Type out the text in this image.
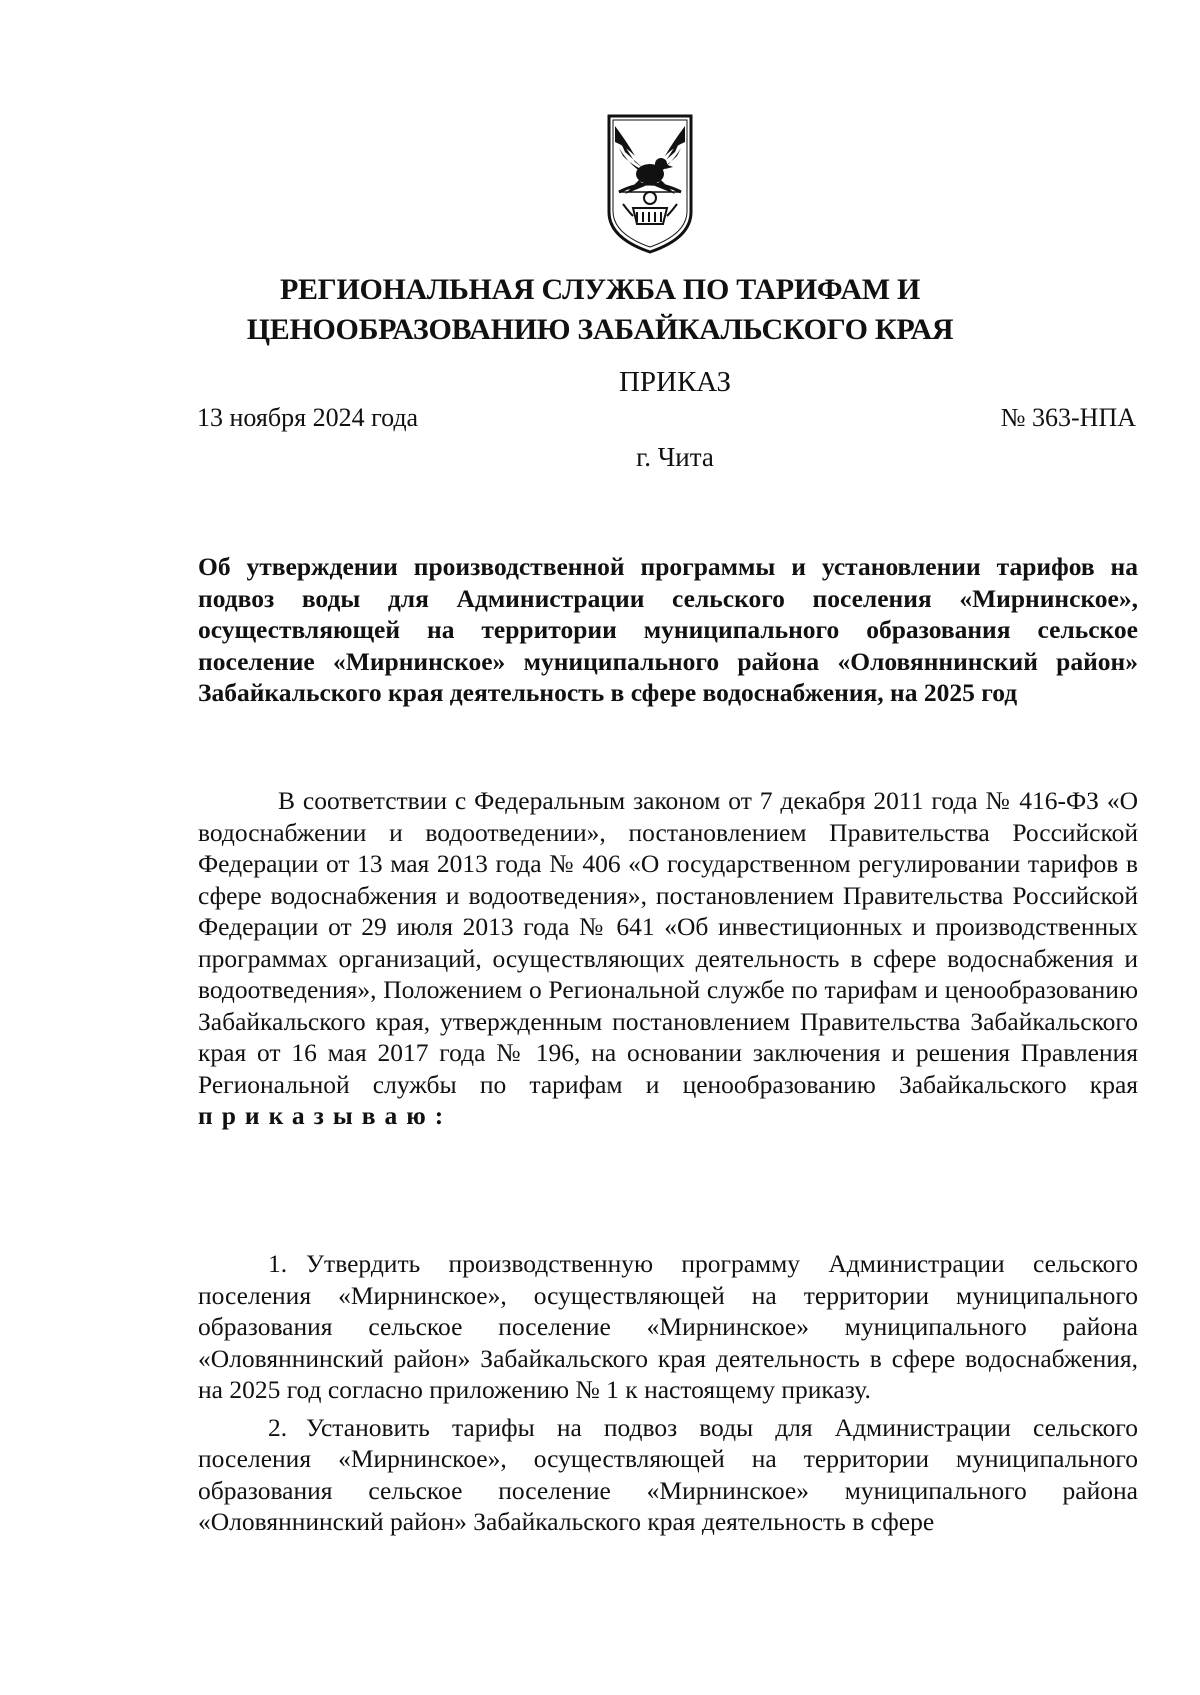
РЕГИОНАЛЬНАЯ СЛУЖБА ПО ТАРИФАМ И
ЦЕНООБРАЗОВАНИЮ ЗАБАЙКАЛЬСКОГО КРАЯ
ПРИКАЗ
13 ноября 2024 года	№ 363-НПА
г. Чита
Об утверждении производственной программы и установлении тарифов на подвоз воды для Администрации сельского поселения «Мирнинское», осуществляющей на территории муниципального образования сельское поселение «Мирнинское» муниципального района «Оловяннинский район» Забайкальского края деятельность в сфере водоснабжения, на 2025 год

В соответствии с Федеральным законом от 7 декабря 2011 года № 416-ФЗ «О водоснабжении и водоотведении», постановлением Правительства Российской Федерации от 13 мая 2013 года № 406 «О государственном регулировании тарифов в сфере водоснабжения и водоотведения», постановлением Правительства Российской Федерации от 29 июля 2013 года № 641 «Об инвестиционных и производственных программах организаций, осуществляющих деятельность в сфере водоснабжения и водоотведения», Положением о Региональной службе по тарифам и ценообразованию Забайкальского края, утвержденным постановлением Правительства Забайкальского края от 16 мая 2017 года № 196, на основании заключения и решения Правления Региональной службы по тарифам и ценообразованию Забайкальского края приказываю:

1. Утвердить производственную программу Администрации сельского поселения «Мирнинское», осуществляющей на территории муниципального образования сельское поселение «Мирнинское» муниципального района «Оловяннинский район» Забайкальского края деятельность в сфере водоснабжения, на 2025 год согласно приложению № 1 к настоящему приказу.

2. Установить тарифы на подвоз воды для Администрации сельского поселения «Мирнинское», осуществляющей на территории муниципального образования сельское поселение «Мирнинское» муниципального района «Оловяннинский район» Забайкальского края деятельность в сфере
